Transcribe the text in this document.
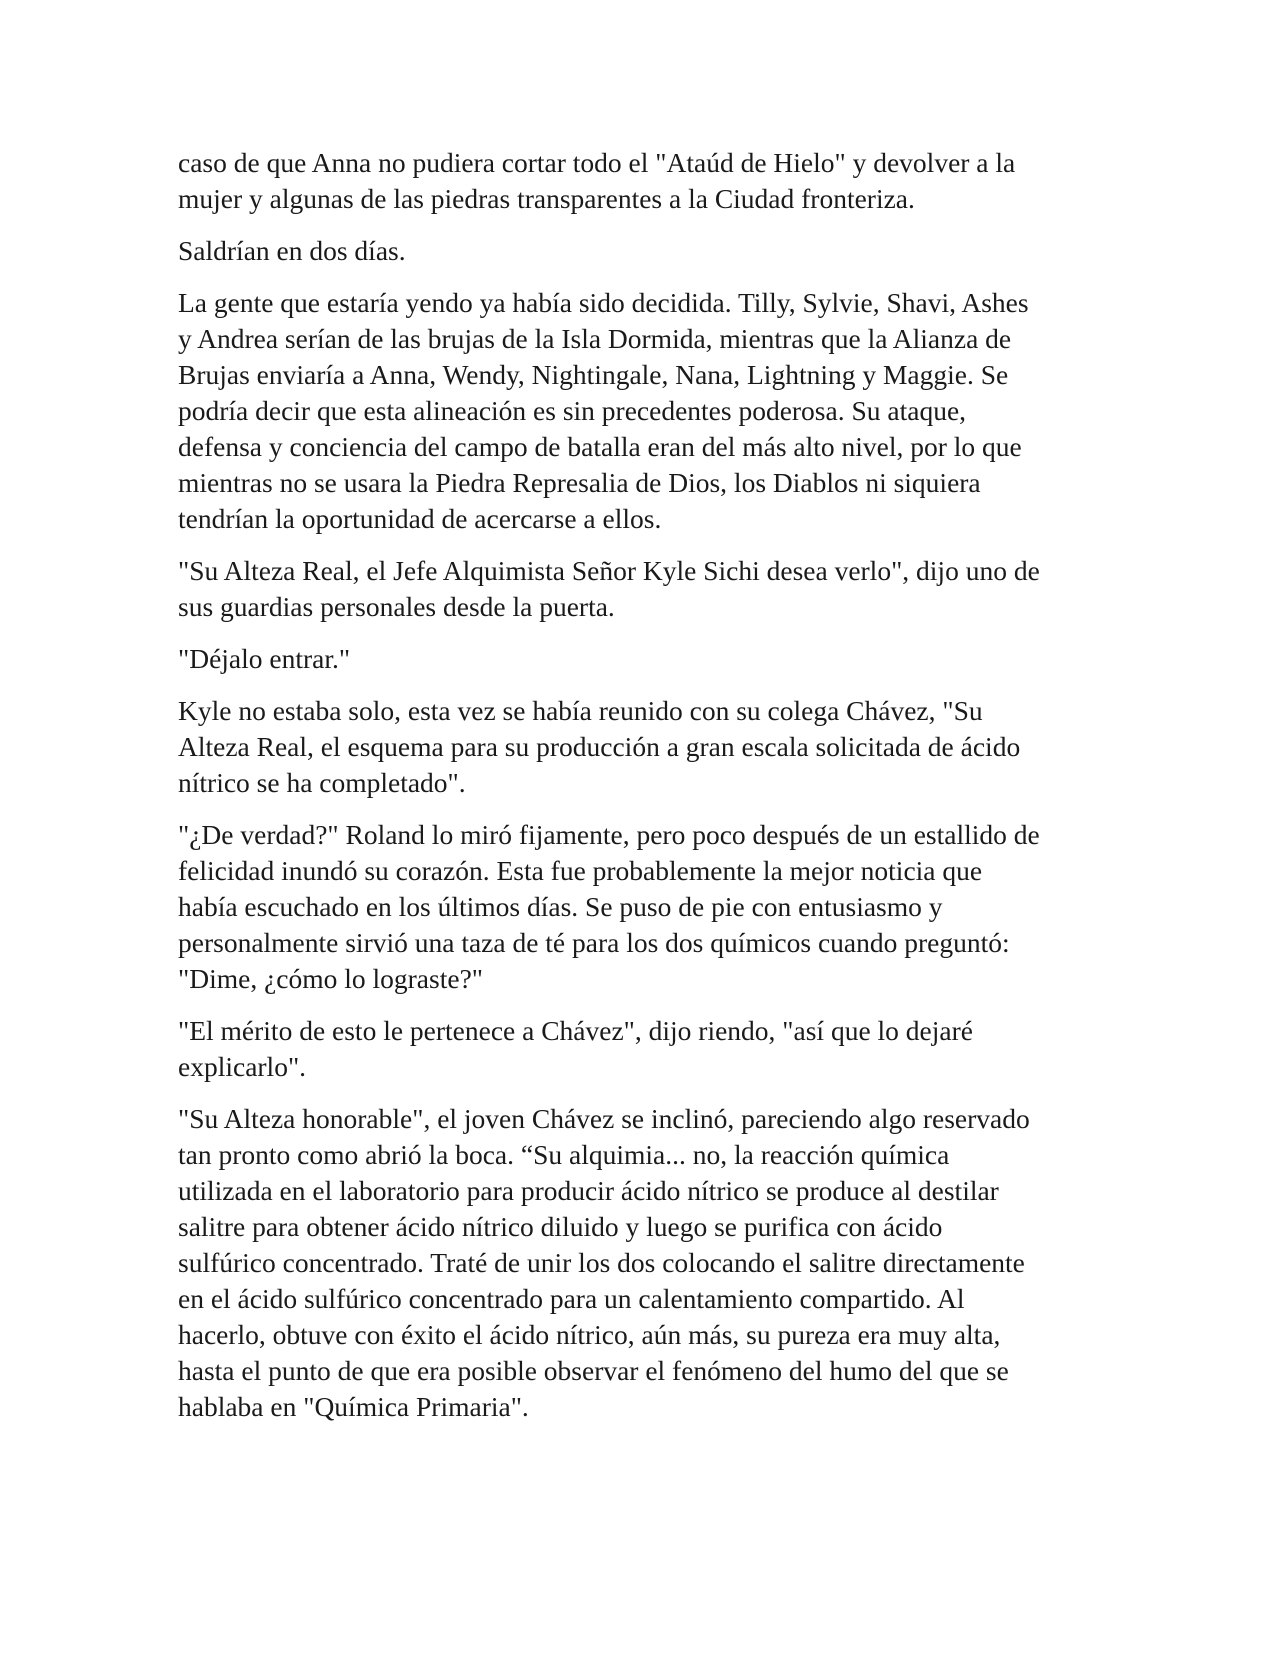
caso de que Anna no pudiera cortar todo el "Ataúd de Hielo" y devolver a la
mujer y algunas de las piedras transparentes a la Ciudad fronteriza.

Saldrían en dos días.

La gente que estaría yendo ya había sido decidida. Tilly, Sylvie, Shavi, Ashes
y Andrea serían de las brujas de la Isla Dormida, mientras que la Alianza de
Brujas enviaría a Anna, Wendy, Nightingale, Nana, Lightning y Maggie. Se
podría decir que esta alineación es sin precedentes poderosa. Su ataque,
defensa y conciencia del campo de batalla eran del más alto nivel, por lo que
mientras no se usara la Piedra Represalia de Dios, los Diablos ni siquiera
tendrían la oportunidad de acercarse a ellos.

"Su Alteza Real, el Jefe Alquimista Señor Kyle Sichi desea verlo", dijo uno de
sus guardias personales desde la puerta.

"Déjalo entrar."

Kyle no estaba solo, esta vez se había reunido con su colega Chávez, "Su
Alteza Real, el esquema para su producción a gran escala solicitada de ácido
nítrico se ha completado".

"¿De verdad?" Roland lo miró fijamente, pero poco después de un estallido de
felicidad inundó su corazón. Esta fue probablemente la mejor noticia que
había escuchado en los últimos días. Se puso de pie con entusiasmo y
personalmente sirvió una taza de té para los dos químicos cuando preguntó:
"Dime, ¿cómo lo lograste?"

"El mérito de esto le pertenece a Chávez", dijo riendo, "así que lo dejaré
explicarlo".

"Su Alteza honorable", el joven Chávez se inclinó, pareciendo algo reservado
tan pronto como abrió la boca. “Su alquimia... no, la reacción química
utilizada en el laboratorio para producir ácido nítrico se produce al destilar
salitre para obtener ácido nítrico diluido y luego se purifica con ácido
sulfúrico concentrado. Traté de unir los dos colocando el salitre directamente
en el ácido sulfúrico concentrado para un calentamiento compartido. Al
hacerlo, obtuve con éxito el ácido nítrico, aún más, su pureza era muy alta,
hasta el punto de que era posible observar el fenómeno del humo del que se
hablaba en "Química Primaria".
